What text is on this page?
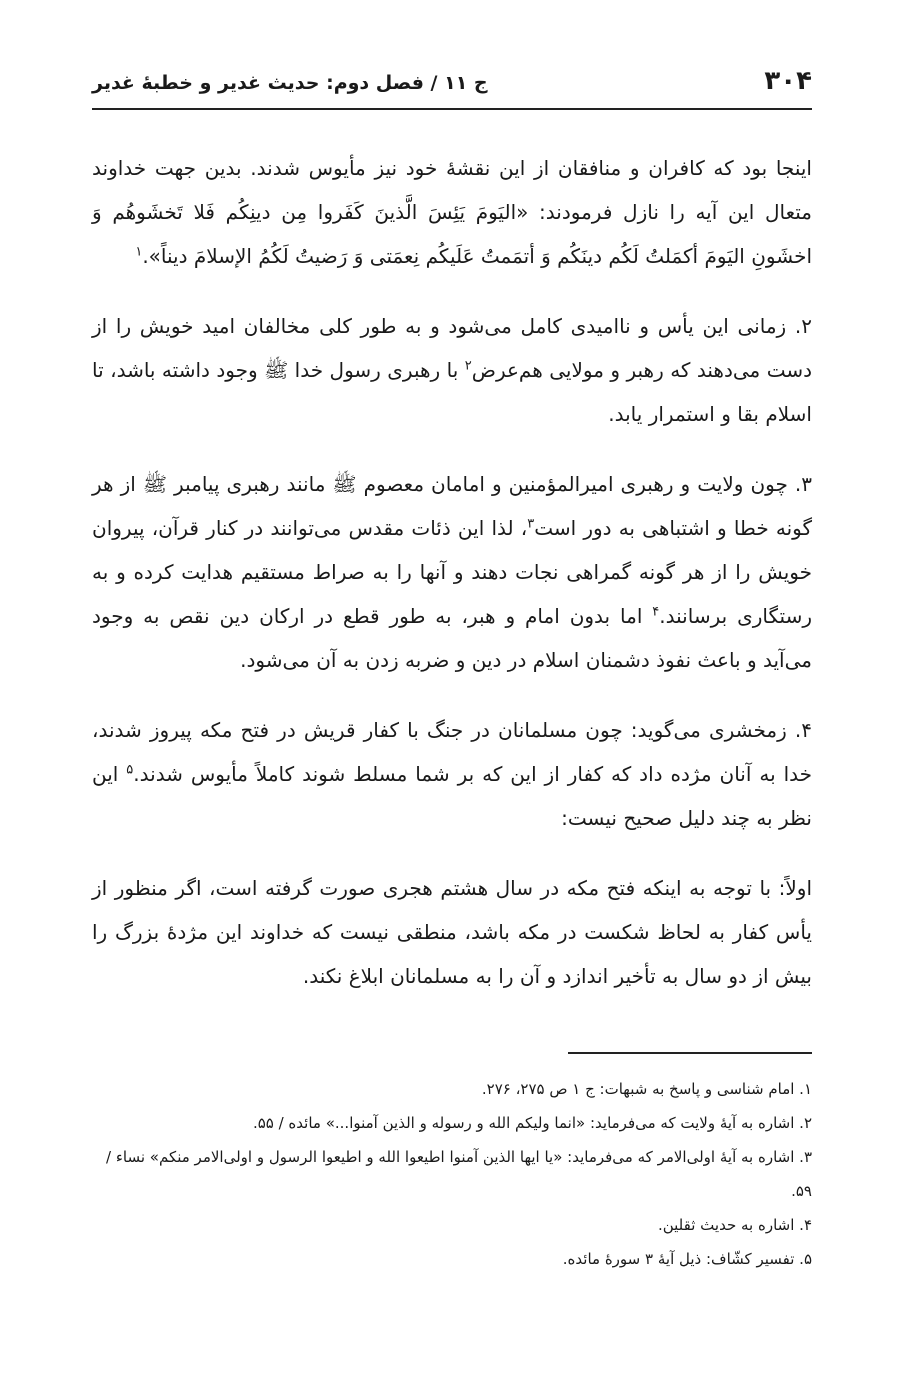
۳۰۴
ج ۱۱ / فصل دوم: حدیث غدیر و خطبهٔ غدیر

اینجا بود که کافران و منافقان از این نقشهٔ خود نیز مأیوس شدند. بدین جهت خداوند متعال این آیه را نازل فرمودند: «الیَومَ یَئِسَ الَّذینَ کَفَروا مِن دینِکُم فَلا تَخشَوهُم وَ اخشَونِ الیَومَ أکمَلتُ لَکُم دینَکُم وَ أتمَمتُ عَلَیکُم نِعمَتی وَ رَضیتُ لَکُمُ الإسلامَ دیناً».$^۱$

۲. زمانی این یأس و ناامیدی کامل می‌شود و به طور کلی مخالفان امید خویش را از دست می‌دهند که رهبر و مولایی هم‌عرض$^۲$ با رهبری رسول خدا ﷺ وجود داشته باشد، تا اسلام بقا و استمرار یابد.

۳. چون ولایت و رهبری امیرالمؤمنین و امامان معصوم ﷺ مانند رهبری پیامبر ﷺ از هر گونه خطا و اشتباهی به دور است$^۳$، لذا این ذئات مقدس می‌توانند در کنار قرآن، پیروان خویش را از هر گونه گمراهی نجات دهند و آنها را به صراط مستقیم هدایت کرده و به رستگاری برسانند.$^۴$ اما بدون امام و هبر، به طور قطع در ارکان دین نقص به وجود می‌آید و باعث نفوذ دشمنان اسلام در دین و ضربه زدن به آن می‌شود.

۴. زمخشری می‌گوید: چون مسلمانان در جنگ با کفار قریش در فتح مکه پیروز شدند، خدا به آنان مژده داد که کفار از این که بر شما مسلط شوند کاملاً مأیوس شدند.$^۵$ این نظر به چند دلیل صحیح نیست:

اولاً: با توجه به اینکه فتح مکه در سال هشتم هجری صورت گرفته است، اگر منظور از یأس کفار به لحاظ شکست در مکه باشد، منطقی نیست که خداوند این مژدهٔ بزرگ را بیش از دو سال به تأخیر اندازد و آن را به مسلمانان ابلاغ نکند.

۱. امام شناسی و پاسخ به شبهات: ج ۱ ص ۲۷۵، ۲۷۶.

۲. اشاره به آیهٔ ولایت که می‌فرماید: «انما ولیکم الله و رسوله و الذین آمنوا...» مائده / ۵۵.

۳. اشاره به آیهٔ اولی‌الامر که می‌فرماید: «یا ایها الذین آمنوا اطیعوا الله و اطیعوا الرسول و اولی‌الامر منکم» نساء / ۵۹.

۴. اشاره به حدیث ثقلین.

۵. تفسیر کشّاف: ذیل آیهٔ ۳ سورهٔ مائده.
